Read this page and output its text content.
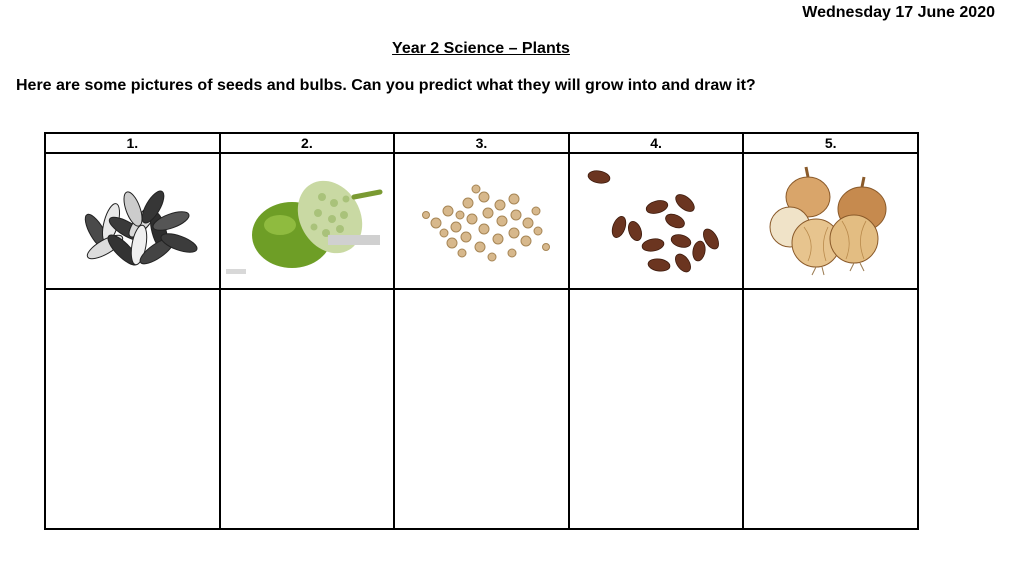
Wednesday 17 June 2020
Year 2 Science – Plants
Here are some pictures of seeds and bulbs. Can you predict what they will grow into and draw it?
1.	2.	3.	4.	5.
